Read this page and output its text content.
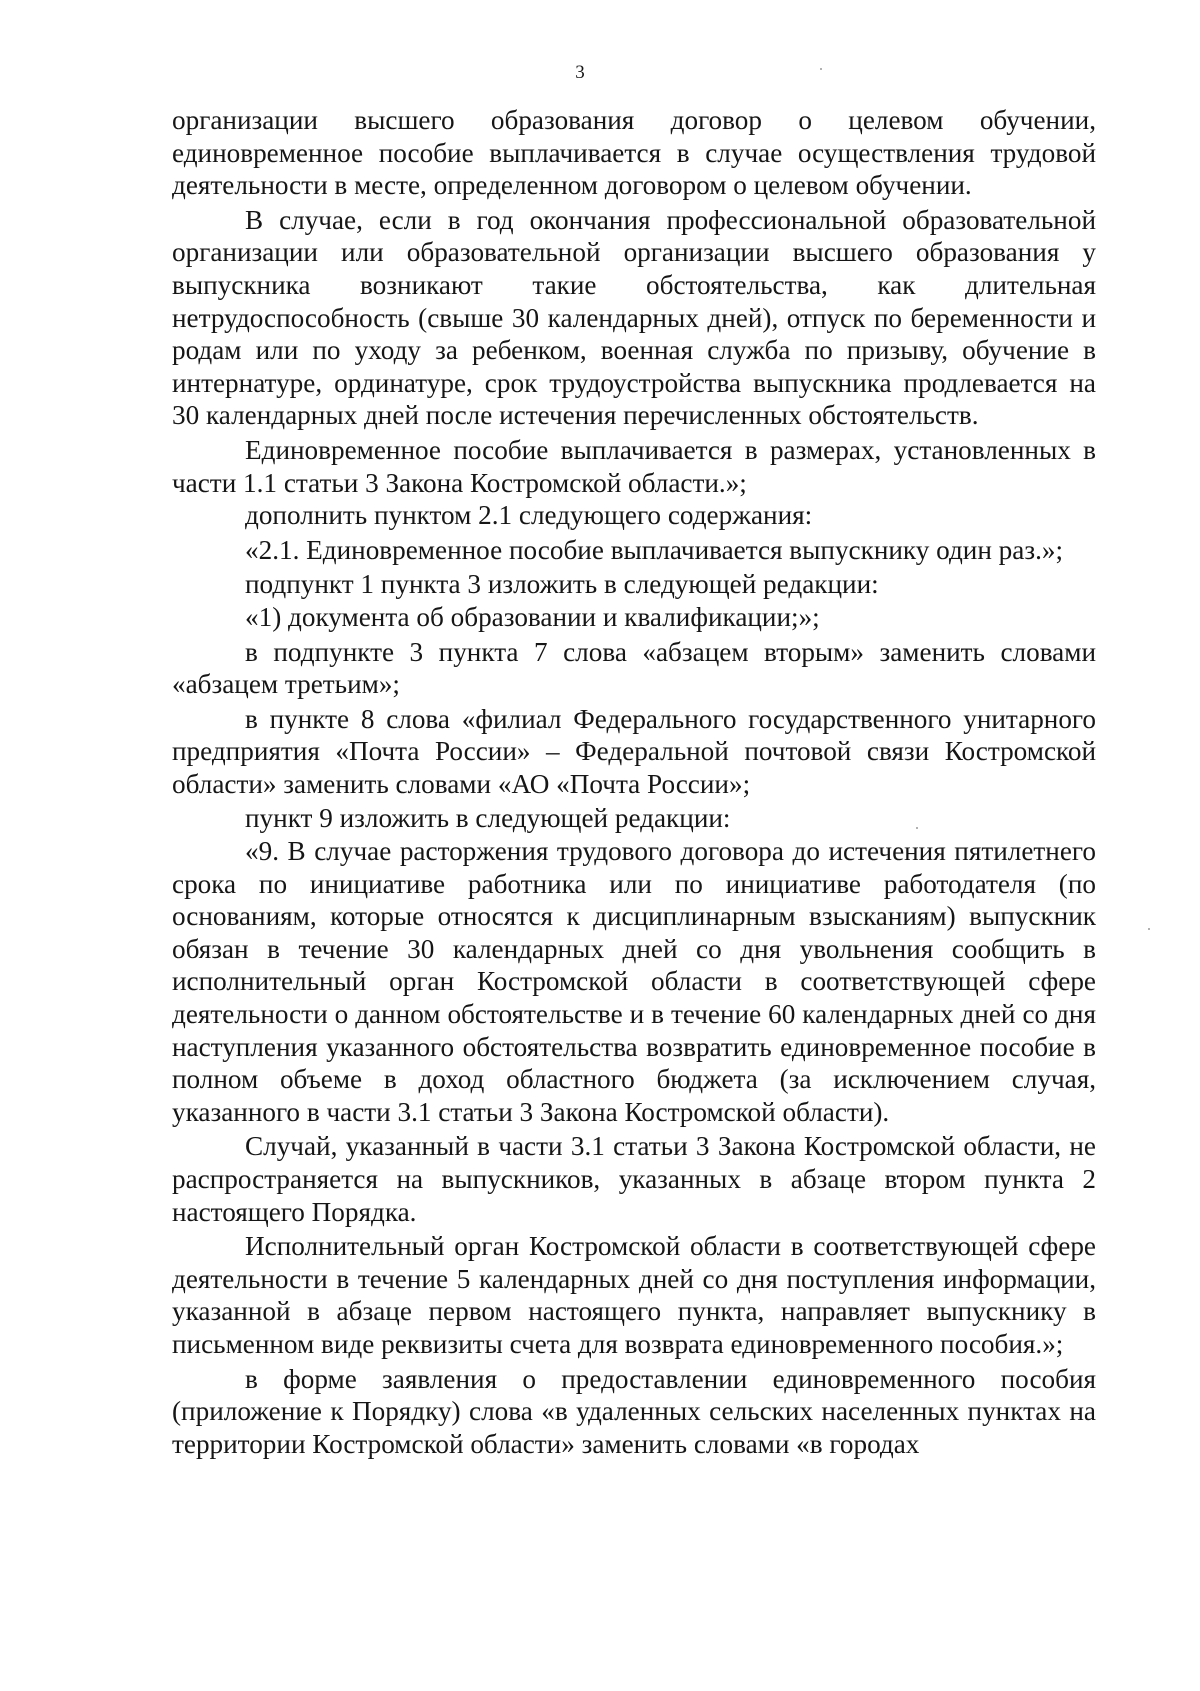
3

организации высшего образования договор о целевом обучении, единовременное пособие выплачивается в случае осуществления трудовой деятельности в месте, определенном договором о целевом обучении.

В случае, если в год окончания профессиональной образовательной организации или образовательной организации высшего образования у выпускника возникают такие обстоятельства, как длительная нетрудоспособность (свыше 30 календарных дней), отпуск по беременности и родам или по уходу за ребенком, военная служба по призыву, обучение в интернатуре, ординатуре, срок трудоустройства выпускника продлевается на 30 календарных дней после истечения перечисленных обстоятельств.

Единовременное пособие выплачивается в размерах, установленных в части 1.1 статьи 3 Закона Костромской области.»;

дополнить пунктом 2.1 следующего содержания:

«2.1. Единовременное пособие выплачивается выпускнику один раз.»;

подпункт 1 пункта 3 изложить в следующей редакции:

«1) документа об образовании и квалификации;»;

в подпункте 3 пункта 7 слова «абзацем вторым» заменить словами «абзацем третьим»;

в пункте 8 слова «филиал Федерального государственного унитарного предприятия «Почта России» – Федеральной почтовой связи Костромской области» заменить словами «АО «Почта России»;

пункт 9 изложить в следующей редакции:

«9. В случае расторжения трудового договора до истечения пятилетнего срока по инициативе работника или по инициативе работодателя (по основаниям, которые относятся к дисциплинарным взысканиям) выпускник обязан в течение 30 календарных дней со дня увольнения сообщить в исполнительный орган Костромской области в соответствующей сфере деятельности о данном обстоятельстве и в течение 60 календарных дней со дня наступления указанного обстоятельства возвратить единовременное пособие в полном объеме в доход областного бюджета (за исключением случая, указанного в части 3.1 статьи 3 Закона Костромской области).

Случай, указанный в части 3.1 статьи 3 Закона Костромской области, не распространяется на выпускников, указанных в абзаце втором пункта 2 настоящего Порядка.

Исполнительный орган Костромской области в соответствующей сфере деятельности в течение 5 календарных дней со дня поступления информации, указанной в абзаце первом настоящего пункта, направляет выпускнику в письменном виде реквизиты счета для возврата единовременного пособия.»;

в форме заявления о предоставлении единовременного пособия (приложение к Порядку) слова «в удаленных сельских населенных пунктах на территории Костромской области» заменить словами «в городах
